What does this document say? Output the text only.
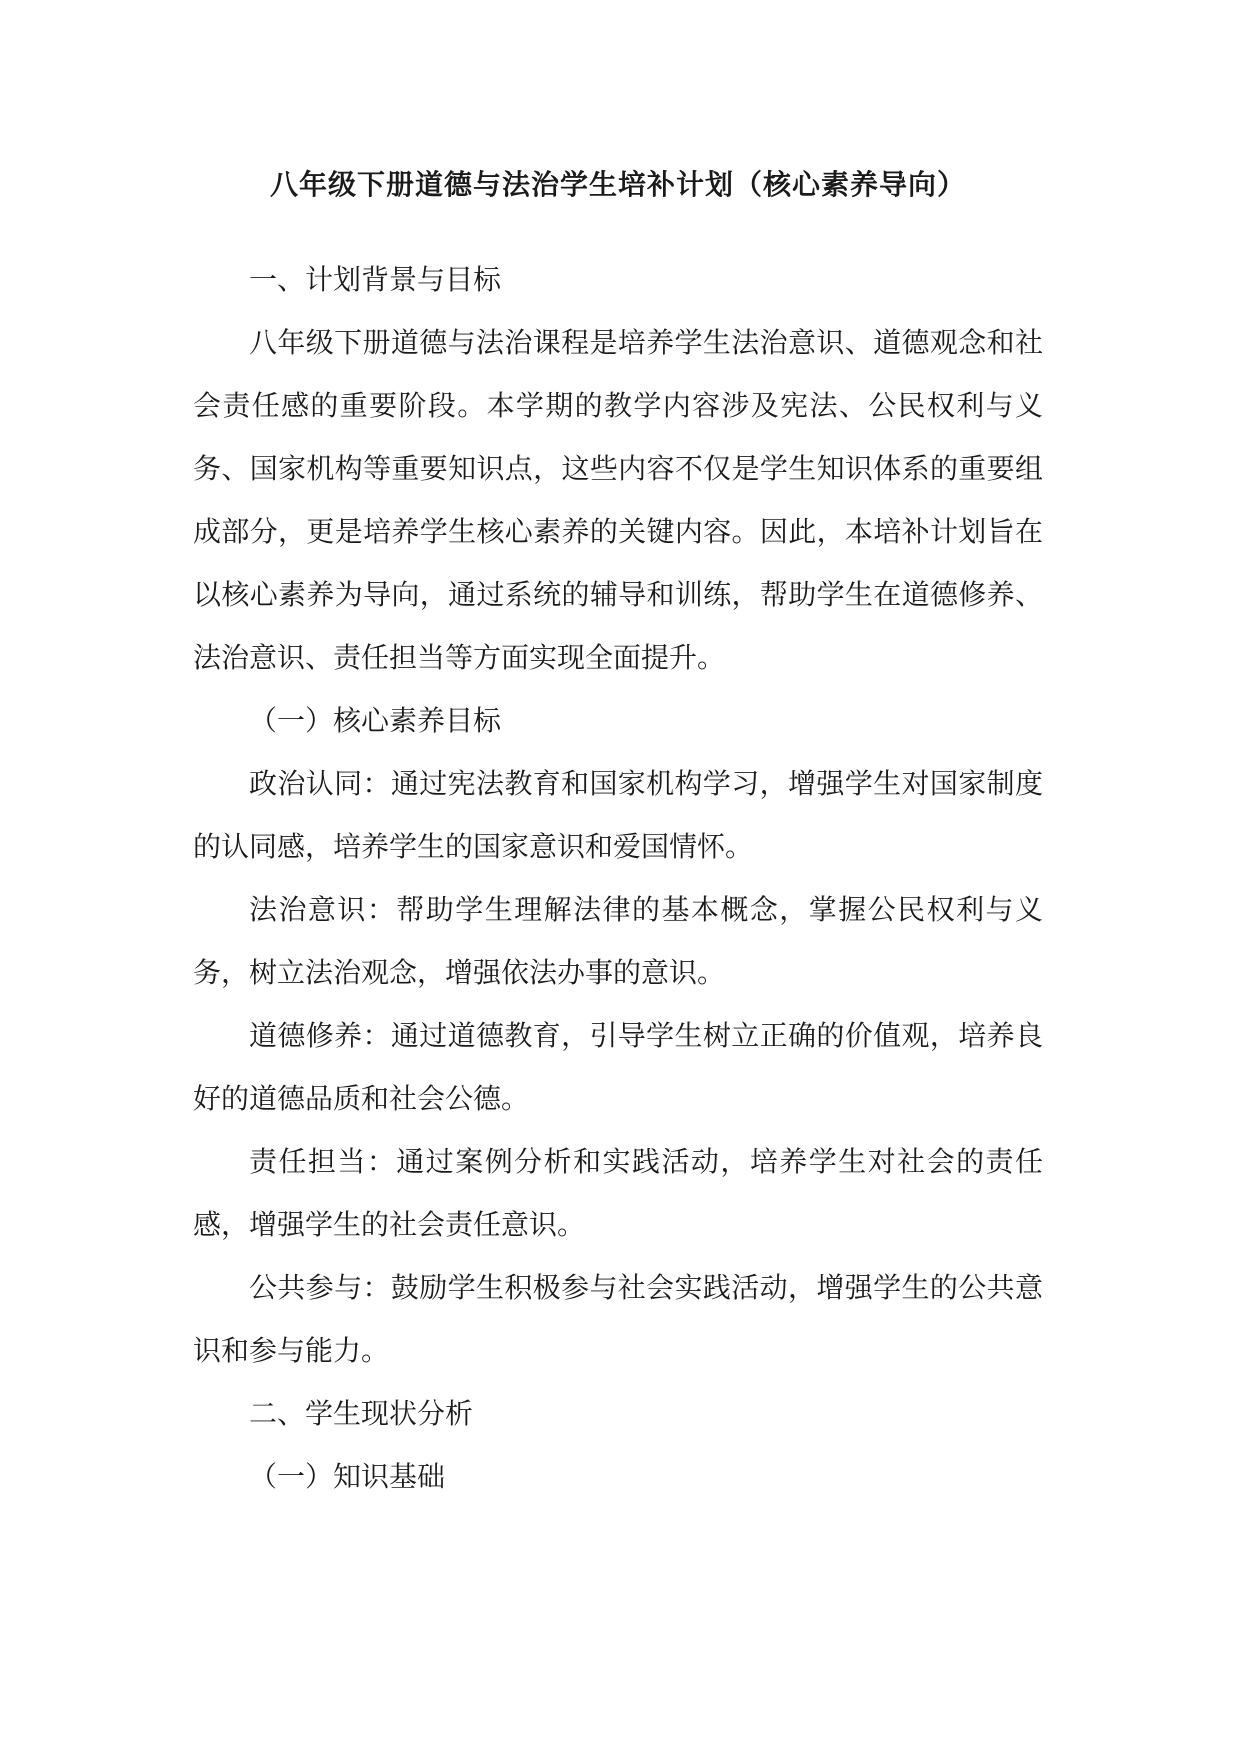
八年级下册道德与法治学生培补计划（核心素养导向）

一、计划背景与目标

八年级下册道德与法治课程是培养学生法治意识、道德观念和社会责任感的重要阶段。本学期的教学内容涉及宪法、公民权利与义务、国家机构等重要知识点，这些内容不仅是学生知识体系的重要组成部分，更是培养学生核心素养的关键内容。因此，本培补计划旨在以核心素养为导向，通过系统的辅导和训练，帮助学生在道德修养、法治意识、责任担当等方面实现全面提升。

（一）核心素养目标

政治认同：通过宪法教育和国家机构学习，增强学生对国家制度的认同感，培养学生的国家意识和爱国情怀。

法治意识：帮助学生理解法律的基本概念，掌握公民权利与义务，树立法治观念，增强依法办事的意识。

道德修养：通过道德教育，引导学生树立正确的价值观，培养良好的道德品质和社会公德。

责任担当：通过案例分析和实践活动，培养学生对社会的责任感，增强学生的社会责任意识。

公共参与：鼓励学生积极参与社会实践活动，增强学生的公共意识和参与能力。

二、学生现状分析

（一）知识基础
